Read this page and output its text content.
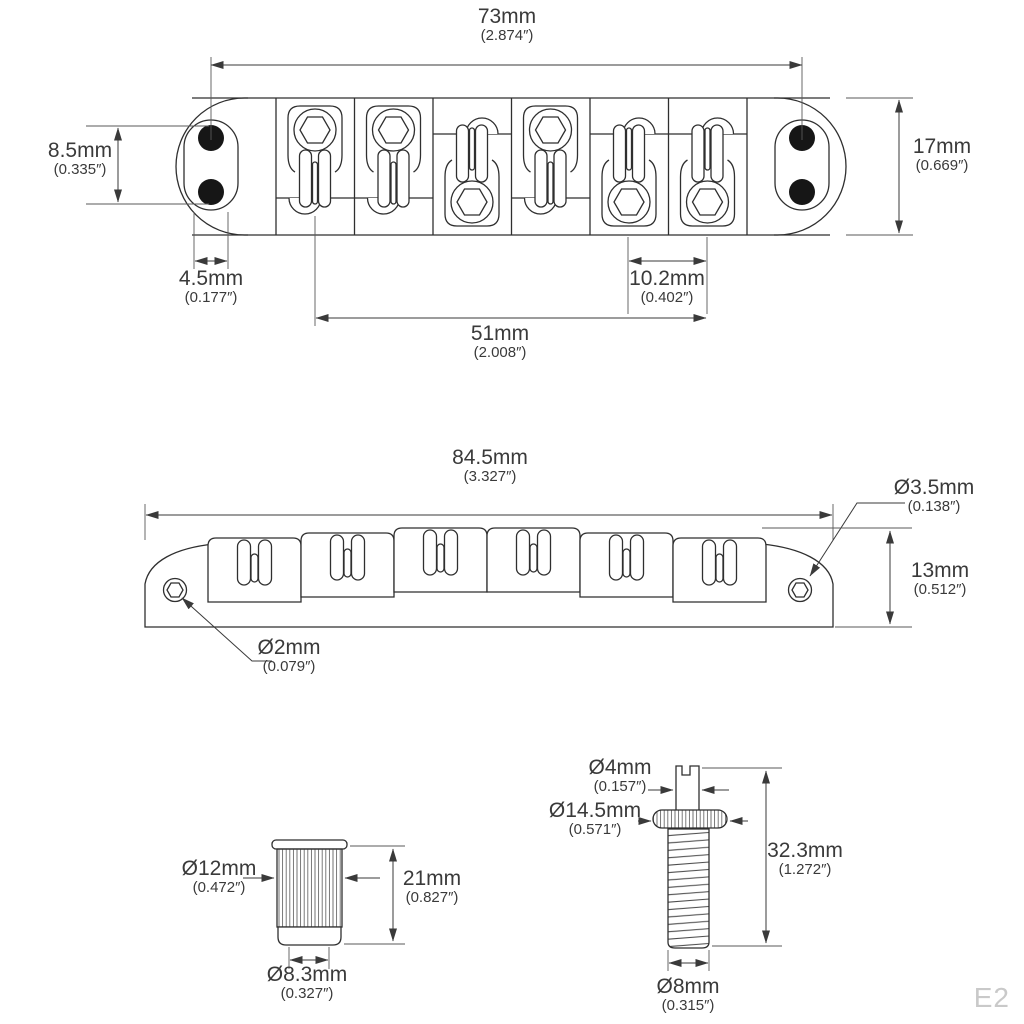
73mm
(2.874″)
8.5mm
(0.335″)
17mm
(0.669″)
4.5mm
(0.177″)
10.2mm
(0.402″)
51mm
(2.008″)
84.5mm
(3.327″)	Ø3.5mm
(0.138″)
13mm
(0.512″)
Ø2mm
(0.079″)
Ø12mm
(0.472″)	21mm
(0.827″)
Ø8.3mm
(0.327″)
Ø4mm
(0.157″)
Ø14.5mm
(0.571″)
32.3mm
(1.272″)
Ø8mm
(0.315″)	E2
